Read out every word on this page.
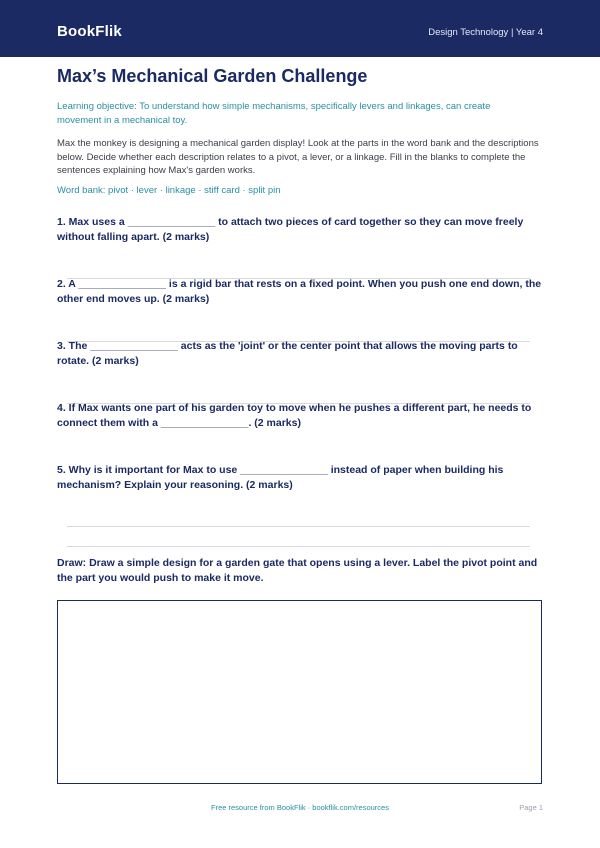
BookFlik	Design Technology | Year 4
Max’s Mechanical Garden Challenge
Learning objective: To understand how simple mechanisms, specifically levers and linkages, can create movement in a mechanical toy.
Max the monkey is designing a mechanical garden display! Look at the parts in the word bank and the descriptions below. Decide whether each description relates to a pivot, a lever, or a linkage. Fill in the blanks to complete the sentences explaining how Max's garden works.
Word bank: pivot · lever · linkage · stiff card · split pin
1. Max uses a _______________ to attach two pieces of card together so they can move freely without falling apart. (2 marks)
2. A _______________ is a rigid bar that rests on a fixed point. When you push one end down, the other end moves up. (2 marks)
3. The _______________ acts as the 'joint' or the center point that allows the moving parts to rotate. (2 marks)
4. If Max wants one part of his garden toy to move when he pushes a different part, he needs to connect them with a _______________. (2 marks)
5. Why is it important for Max to use _______________ instead of paper when building his mechanism? Explain your reasoning. (2 marks)
Draw: Draw a simple design for a garden gate that opens using a lever. Label the pivot point and the part you would push to make it move.
Free resource from BookFlik · bookflik.com/resources	Page 1
